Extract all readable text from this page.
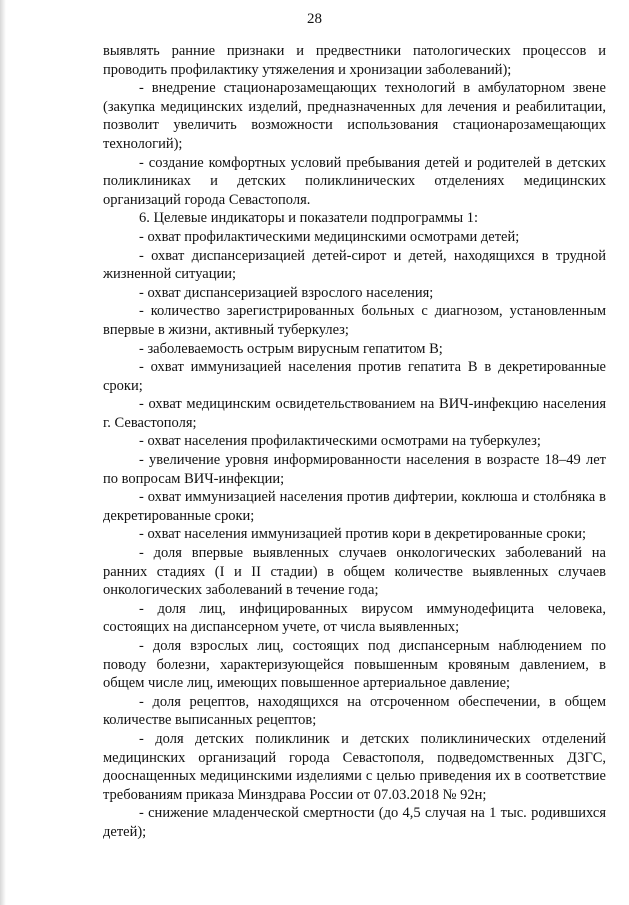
28

выявлять ранние признаки и предвестники патологических процессов и проводить профилактику утяжеления и хронизации заболеваний);

- внедрение стационарозамещающих технологий в амбулаторном звене (закупка медицинских изделий, предназначенных для лечения и реабилитации, позволит увеличить возможности использования стационарозамещающих технологий);

- создание комфортных условий пребывания детей и родителей в детских поликлиниках и детских поликлинических отделениях медицинских организаций города Севастополя.

6. Целевые индикаторы и показатели подпрограммы 1:

- охват профилактическими медицинскими осмотрами детей;

- охват диспансеризацией детей-сирот и детей, находящихся в трудной жизненной ситуации;

- охват диспансеризацией взрослого населения;

- количество зарегистрированных больных с диагнозом, установленным впервые в жизни, активный туберкулез;

- заболеваемость острым вирусным гепатитом В;

- охват иммунизацией населения против гепатита В в декретированные сроки;

- охват медицинским освидетельствованием на ВИЧ-инфекцию населения г. Севастополя;

- охват населения профилактическими осмотрами на туберкулез;

- увеличение уровня информированности населения в возрасте 18–49 лет по вопросам ВИЧ-инфекции;

- охват иммунизацией населения против дифтерии, коклюша и столбняка в декретированные сроки;

- охват населения иммунизацией против кори в декретированные сроки;

- доля впервые выявленных случаев онкологических заболеваний на ранних стадиях (I и II стадии) в общем количестве выявленных случаев онкологических заболеваний в течение года;

- доля лиц, инфицированных вирусом иммунодефицита человека, состоящих на диспансерном учете, от числа выявленных;

- доля взрослых лиц, состоящих под диспансерным наблюдением по поводу болезни, характеризующейся повышенным кровяным давлением, в общем числе лиц, имеющих повышенное артериальное давление;

- доля рецептов, находящихся на отсроченном обеспечении, в общем количестве выписанных рецептов;

- доля детских поликлиник и детских поликлинических отделений медицинских организаций города Севастополя, подведомственных ДЗГС, дооснащенных медицинскими изделиями с целью приведения их в соответствие требованиям приказа Минздрава России от 07.03.2018 № 92н;

- снижение младенческой смертности (до 4,5 случая на 1 тыс. родившихся детей);
